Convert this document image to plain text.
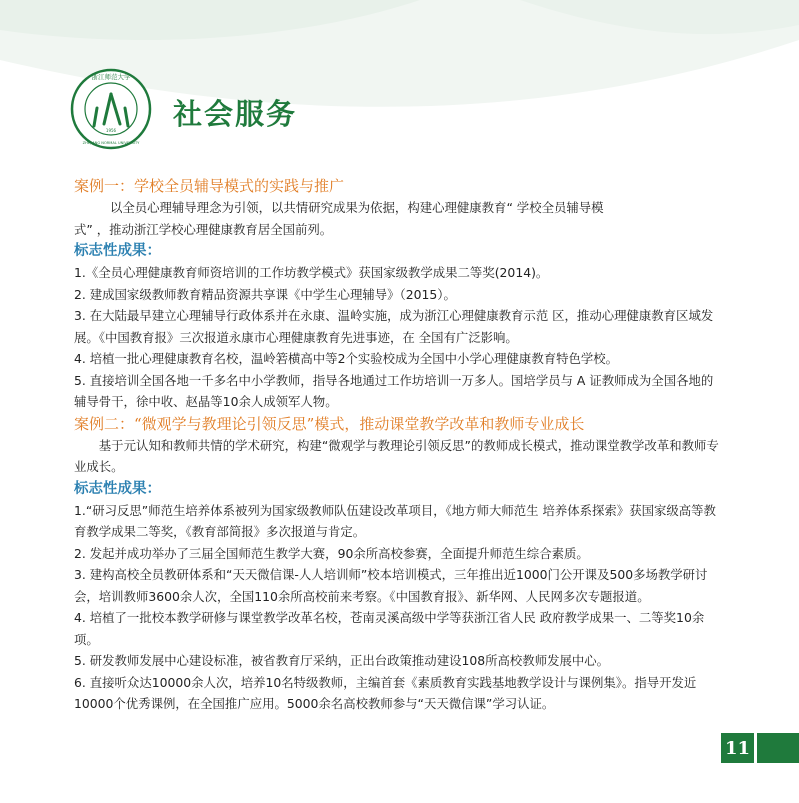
浙江师范大学
ZHEJIANG NORMAL UNIVERSITY
1956 社会服务

案例一：学校全员辅导模式的实践与推广

以全员心理辅导理念为引领，以共情研究成果为依据，构建心理健康教育“ 学校全员辅导模

式” ，推动浙江学校心理健康教育居全国前列。

标志性成果：

1.《全员心理健康教育师资培训的工作坊教学模式》获国家级教学成果二等奖(2014)。

2. 建成国家级教师教育精品资源共享课《中学生心理辅导》（2015）。

3. 在大陆最早建立心理辅导行政体系并在永康、温岭实施，成为浙江心理健康教育示范 区，推动心理健康教育区域发展。《中国教育报》三次报道永康市心理健康教育先进事迹，在 全国有广泛影响。

4. 培植一批心理健康教育名校，温岭箬横高中等2个实验校成为全国中小学心理健康教育特色学校。

5. 直接培训全国各地一千多名中小学教师，指导各地通过工作坊培训一万多人。国培学员与 A 证教师成为全国各地的辅导骨干，徐中收、赵晶等10余人成领军人物。

案例二：“微观学与教理论引领反思”模式，推动课堂教学改革和教师专业成长

基于元认知和教师共情的学术研究，构建“微观学与教理论引领反思”的教师成长模式，推动课堂教学改革和教师专业成长。

标志性成果：

1.“研习反思”师范生培养体系被列为国家级教师队伍建设改革项目，《地方师大师范生 培养体系探索》获国家级高等教育教学成果二等奖，《教育部简报》多次报道与肯定。

2. 发起并成功举办了三届全国师范生教学大赛，90余所高校参赛，全面提升师范生综合素质。

3. 建构高校全员教研体系和“天天微信课-人人培训师”校本培训模式，三年推出近1000门公开课及500多场教学研讨会，培训教师3600余人次，全国110余所高校前来考察。《中国教育报》、新华网、人民网多次专题报道。

4. 培植了一批校本教学研修与课堂教学改革名校，苍南灵溪高级中学等获浙江省人民 政府教学成果一、二等奖10余项。

5. 研发教师发展中心建设标准，被省教育厅采纳，正出台政策推动建设108所高校教师发展中心。

6. 直接听众达10000余人次，培养10名特级教师，主编首套《素质教育实践基地教学设计与课例集》。指导开发近10000个优秀课例，在全国推广应用。5000余名高校教师参与“天天微信课”学习认证。

11
